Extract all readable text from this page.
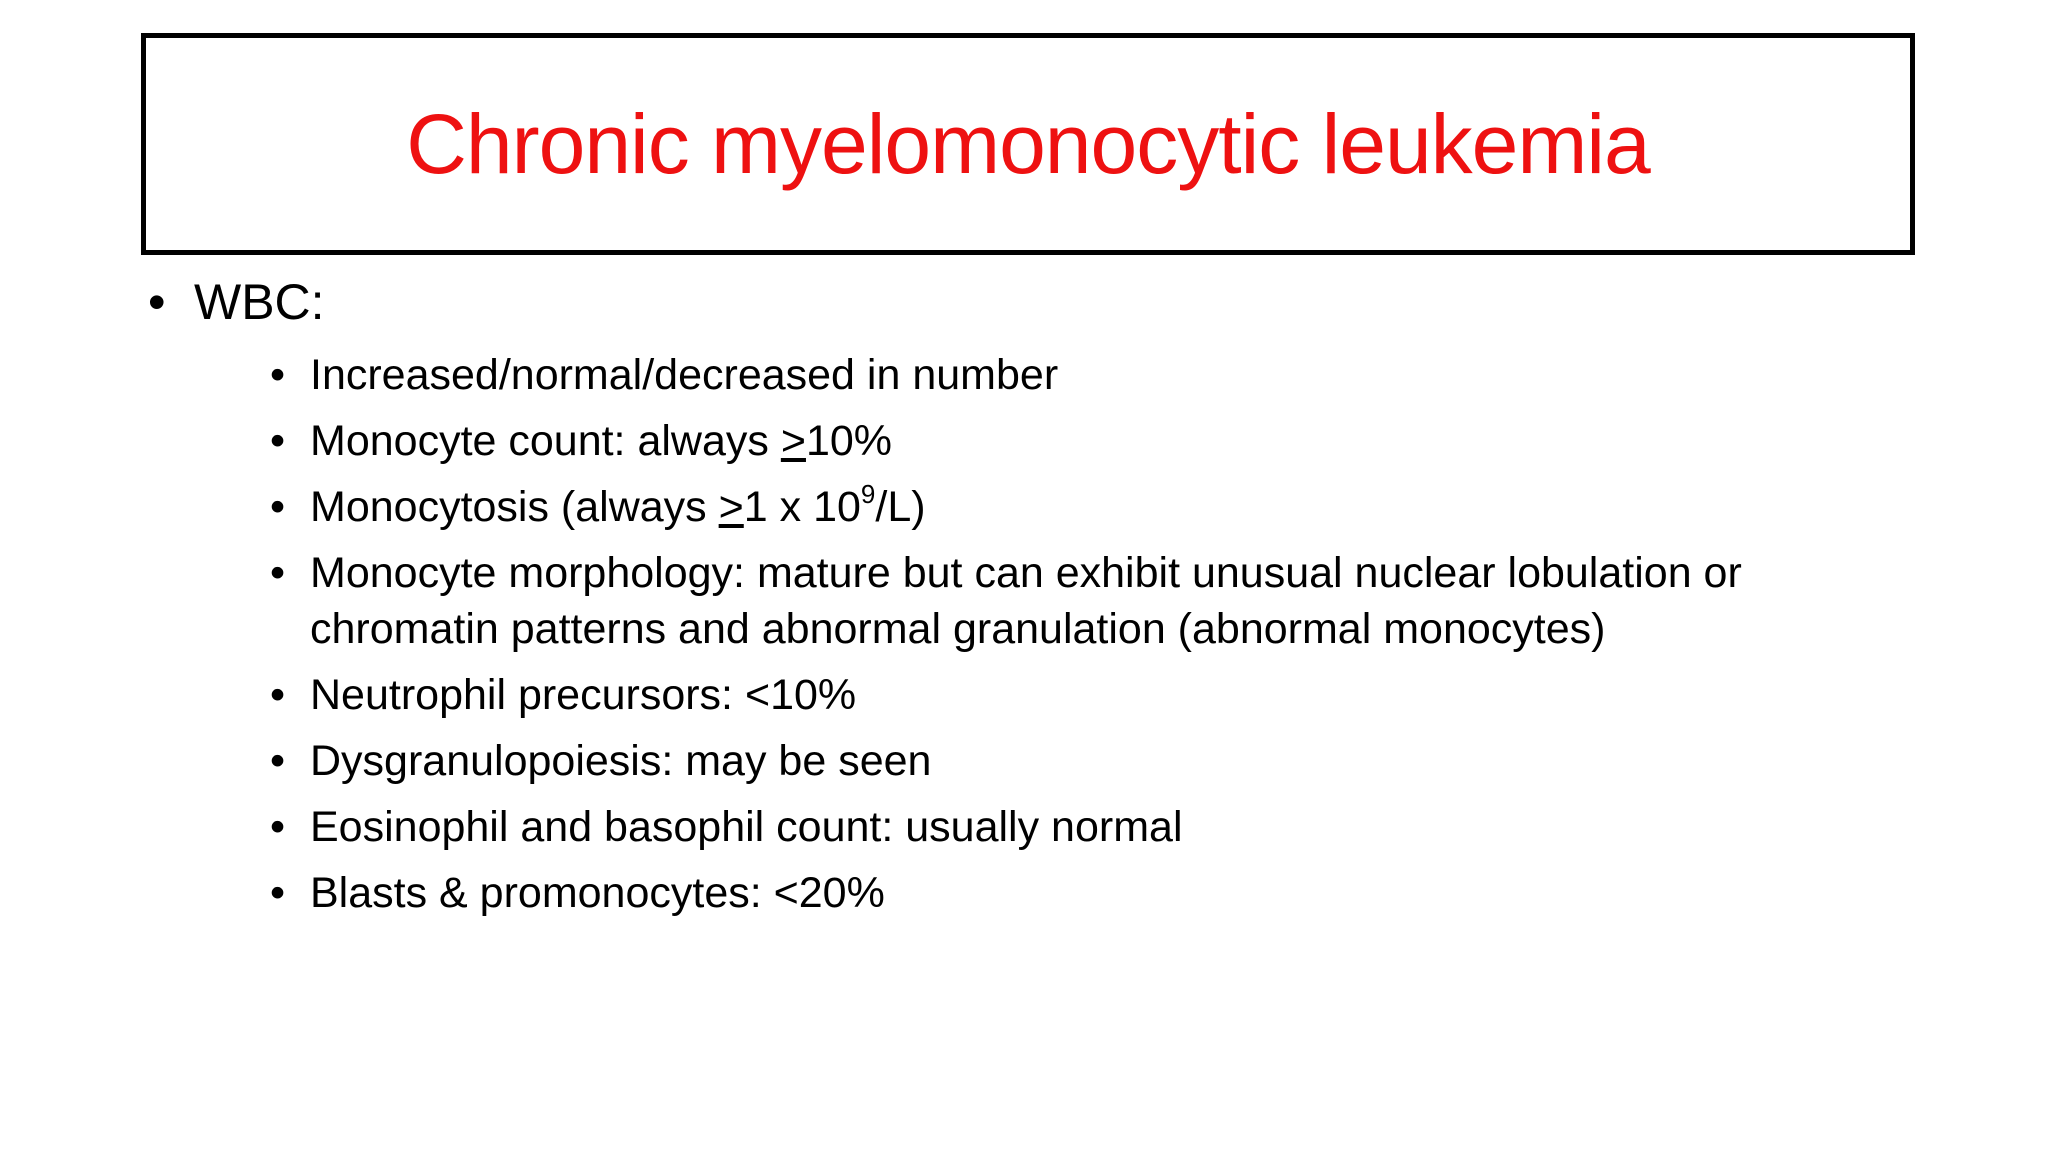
Chronic myelomonocytic leukemia
• WBC:
• Increased/normal/decreased in number
• Monocyte count: always >10%
• Monocytosis (always >1 x $10^9/L$)
• Monocyte morphology: mature but can exhibit unusual nuclear lobulation or
chromatin patterns and abnormal granulation (abnormal monocytes)
• Neutrophil precursors: <10%
• Dysgranulopoiesis: may be seen
• Eosinophil and basophil count: usually normal
• Blasts & promonocytes: <20%
